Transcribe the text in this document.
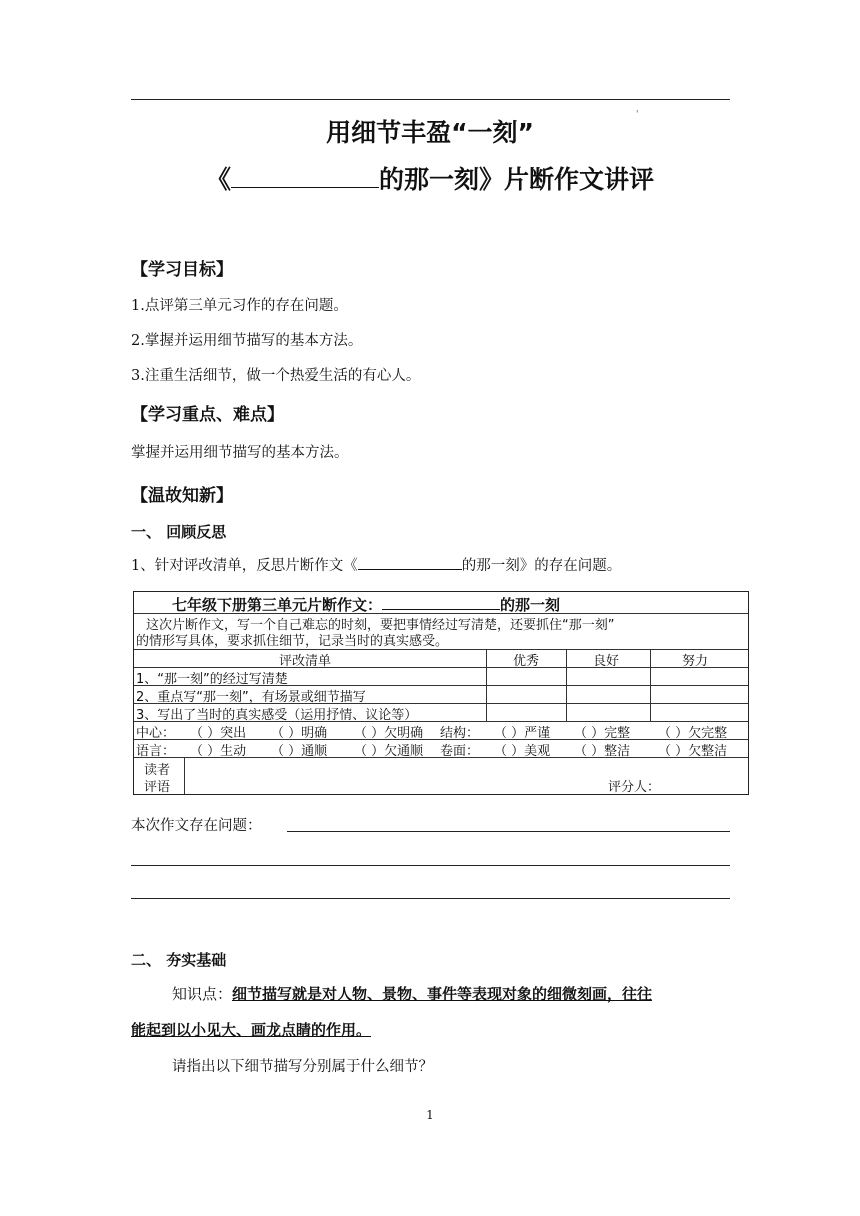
'
用细节丰盈“一刻”
《	的那一刻》片断作文讲评
【学习目标】
1.点评第三单元习作的存在问题。
2.掌握并运用细节描写的基本方法。
3.注重生活细节，做一个热爱生活的有心人。
【学习重点、难点】
掌握并运用细节描写的基本方法。
【温故知新】
一、 回顾反思
1、针对评改清单，反思片断作文《	的那一刻》的存在问题。
七年级下册第三单元片断作文：	的那一刻
这次片断作文，写一个自己难忘的时刻，要把事情经过写清楚，还要抓住“那一刻”
的情形写具体，要求抓住细节，记录当时的真实感受。
评改清单	优秀	良好	努力
1、“那一刻”的经过写清楚
2、重点写“那一刻”，有场景或细节描写
3、写出了当时的真实感受（运用抒情、议论等）
中心： （ ）突出 （ ）明确 （ ）欠明确 结构： （ ）严谨 （ ）完整 （ ）欠完整
语言： （ ）生动 （ ）通顺 （ ）欠通顺 卷面： （ ）美观 （ ）整洁 （ ）欠整洁
读者
评语	评分人：
本次作文存在问题：
二、 夯实基础
知识点：细节描写就是对人物、景物、事件等表现对象的细微刻画，往往
能起到以小见大、画龙点睛的作用。
请指出以下细节描写分别属于什么细节？
1
